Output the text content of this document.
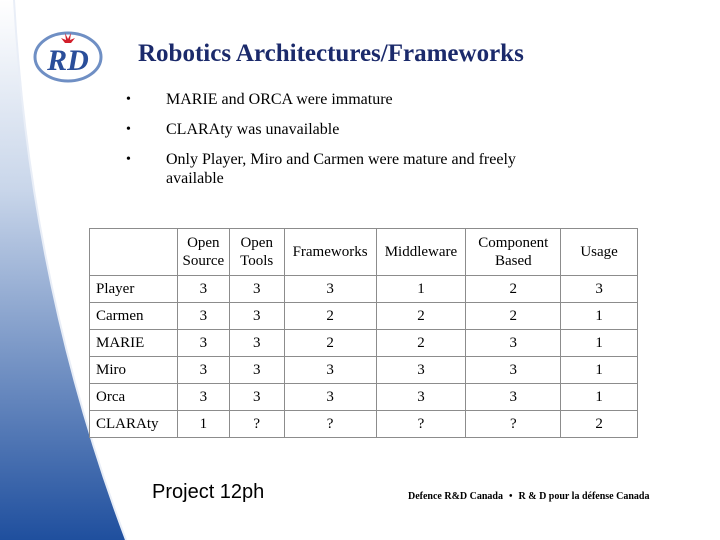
RD Robotics Architectures/Frameworks
•	MARIE and ORCA were immature
•	CLARAty was unavailable
•	Only Player, Miro and Carmen were mature and freely available
	Open Source	Open Tools	Frameworks	Middleware	Component Based	Usage
Player	3	3	3	1	2	3
Carmen	3	3	2	2	2	1
MARIE	3	3	2	2	3	1
Miro	3	3	3	3	3	1
Orca	3	3	3	3	3	1
CLARAty	1	?	?	?	?	2
Project 12ph	Defence R&D Canada • R & D pour la défense Canada
